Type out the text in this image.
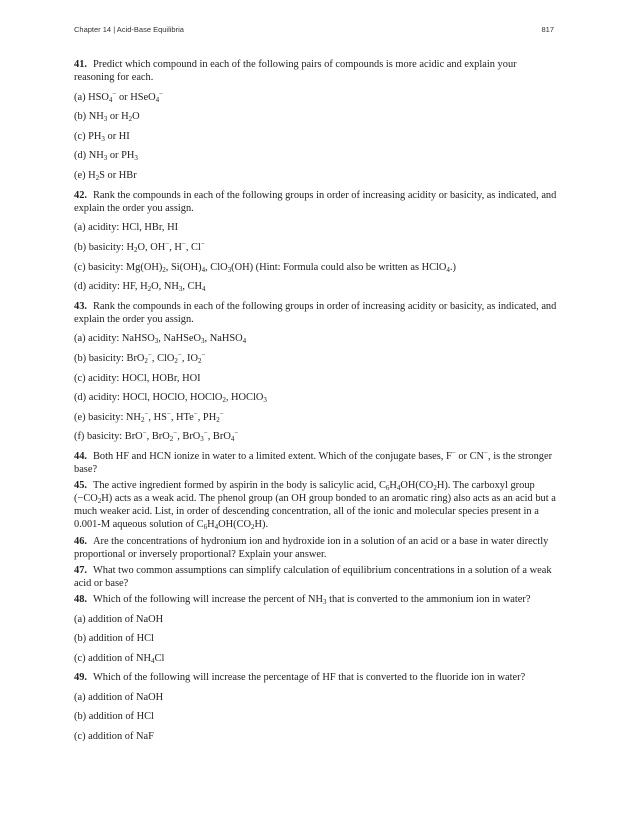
Chapter 14 | Acid-Base Equilibria	817
41. Predict which compound in each of the following pairs of compounds is more acidic and explain your reasoning for each.
(a) $HSO_4^-$ or HSeO$_4$−
(b) $NH_3$ or $H_2O$
(c) $PH_3$ or HI
(d) $NH_3$ or $PH_3$
(e) $H_2S$ or HBr
42. Rank the compounds in each of the following groups in order of increasing acidity or basicity, as indicated, and explain the order you assign.
(a) acidity: HCl, HBr, HI
(b) basicity: $H_2O$, OH−, H−, Cl−
(c) basicity: $Mg(OH)_2$, $Si(OH)_4$, ClO$_3$(OH) (Hint: Formula could also be written as HClO$_4$.)
(d) acidity: HF, $H_2O$, $NH_3$, $CH_4$
43. Rank the compounds in each of the following groups in order of increasing acidity or basicity, as indicated, and explain the order you assign.
(a) acidity: NaHSO$_3$, NaHSeO$_3$, NaHSO$_4$
(b) basicity: BrO$_2$−, ClO$_2$−, $IO_2^-$
(c) acidity: HOCl, HOBr, HOI
(d) acidity: HOCl, HOClO, HOClO$_2$, HOClO$_3$
(e) basicity: $NH_2^-$, HS−, HTe−, $PH_2^-$
(f) basicity: BrO−, BrO$_2$−, BrO$_3$−, BrO$_4$−
44. Both HF and HCN ionize in water to a limited extent. Which of the conjugate bases, F− or CN−, is the stronger base?
45. The active ingredient formed by aspirin in the body is salicylic acid, $C_6H_4OH(CO_2H)$. The carboxyl group $(-CO_2H)$ acts as a weak acid. The phenol group (an OH group bonded to an aromatic ring) also acts as an acid but a much weaker acid. List, in order of descending concentration, all of the ionic and molecular species present in a 0.001-M aqueous solution of $C_6H_4OH(CO_2H)$.
46. Are the concentrations of hydronium ion and hydroxide ion in a solution of an acid or a base in water directly proportional or inversely proportional? Explain your answer.
47. What two common assumptions can simplify calculation of equilibrium concentrations in a solution of a weak acid or base?
48. Which of the following will increase the percent of $NH_3$ that is converted to the ammonium ion in water?
(a) addition of NaOH
(b) addition of HCl
(c) addition of $NH_4Cl$
49. Which of the following will increase the percentage of HF that is converted to the fluoride ion in water?
(a) addition of NaOH
(b) addition of HCl
(c) addition of NaF
